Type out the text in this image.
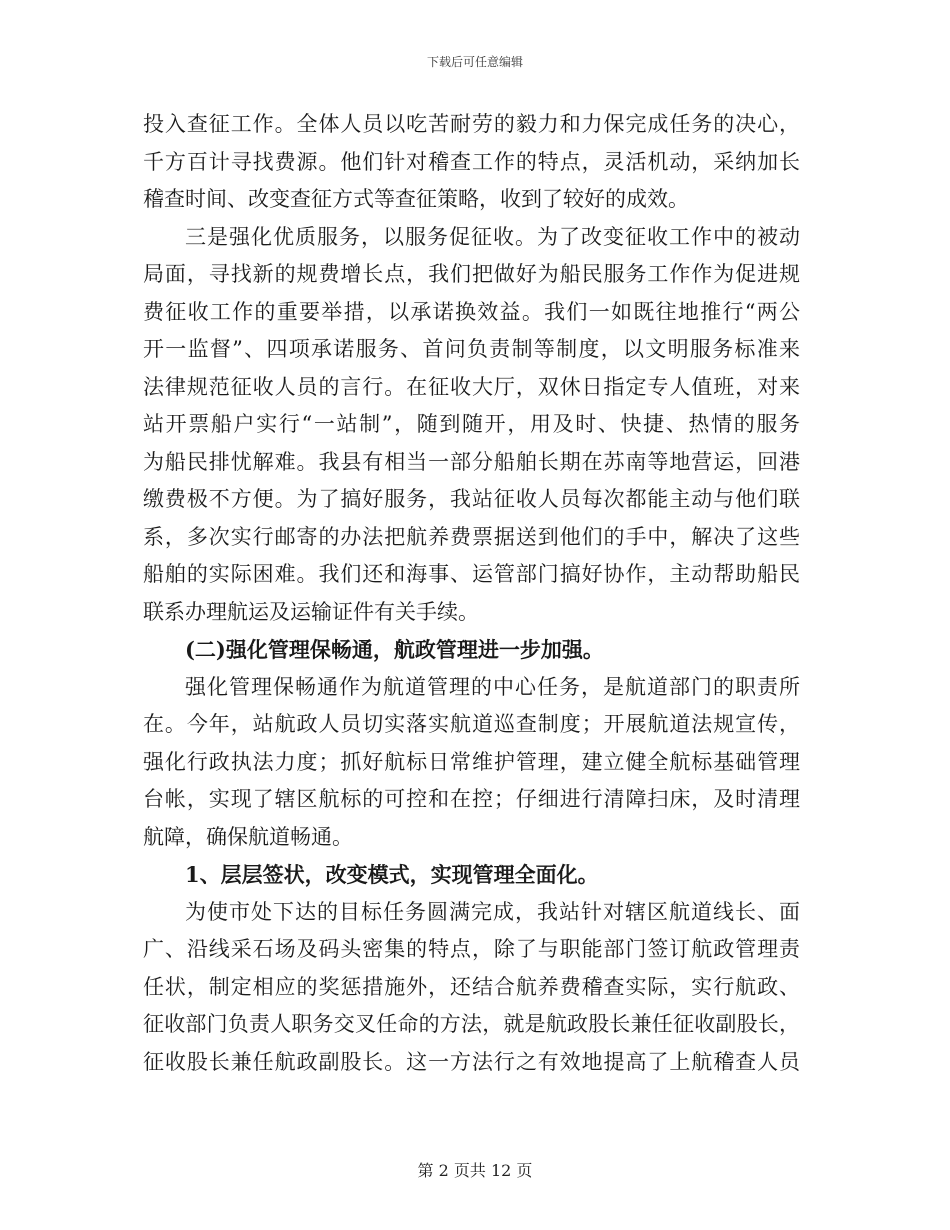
下载后可任意编辑
投入查征工作。全体人员以吃苦耐劳的毅力和力保完成任务的决心，
千方百计寻找费源。他们针对稽查工作的特点，灵活机动，采纳加长
稽查时间、改变查征方式等查征策略，收到了较好的成效。
三是强化优质服务，以服务促征收。为了改变征收工作中的被动
局面，寻找新的规费增长点，我们把做好为船民服务工作作为促进规
费征收工作的重要举措，以承诺换效益。我们一如既往地推行“两公
开一监督”、四项承诺服务、首问负责制等制度，以文明服务标准来
法律规范征收人员的言行。在征收大厅，双休日指定专人值班，对来
站开票船户实行“一站制”，随到随开，用及时、快捷、热情的服务
为船民排忧解难。我县有相当一部分船舶长期在苏南等地营运，回港
缴费极不方便。为了搞好服务，我站征收人员每次都能主动与他们联
系，多次实行邮寄的办法把航养费票据送到他们的手中，解决了这些
船舶的实际困难。我们还和海事、运管部门搞好协作，主动帮助船民
联系办理航运及运输证件有关手续。
(二)强化管理保畅通，航政管理进一步加强。
强化管理保畅通作为航道管理的中心任务，是航道部门的职责所
在。今年，站航政人员切实落实航道巡查制度；开展航道法规宣传，
强化行政执法力度；抓好航标日常维护管理，建立健全航标基础管理
台帐，实现了辖区航标的可控和在控；仔细进行清障扫床，及时清理
航障，确保航道畅通。
1、层层签状，改变模式，实现管理全面化。
为使市处下达的目标任务圆满完成，我站针对辖区航道线长、面
广、沿线采石场及码头密集的特点，除了与职能部门签订航政管理责
任状，制定相应的奖惩措施外，还结合航养费稽查实际，实行航政、
征收部门负责人职务交叉任命的方法，就是航政股长兼任征收副股长，
征收股长兼任航政副股长。这一方法行之有效地提高了上航稽查人员
第 2 页共 12 页
